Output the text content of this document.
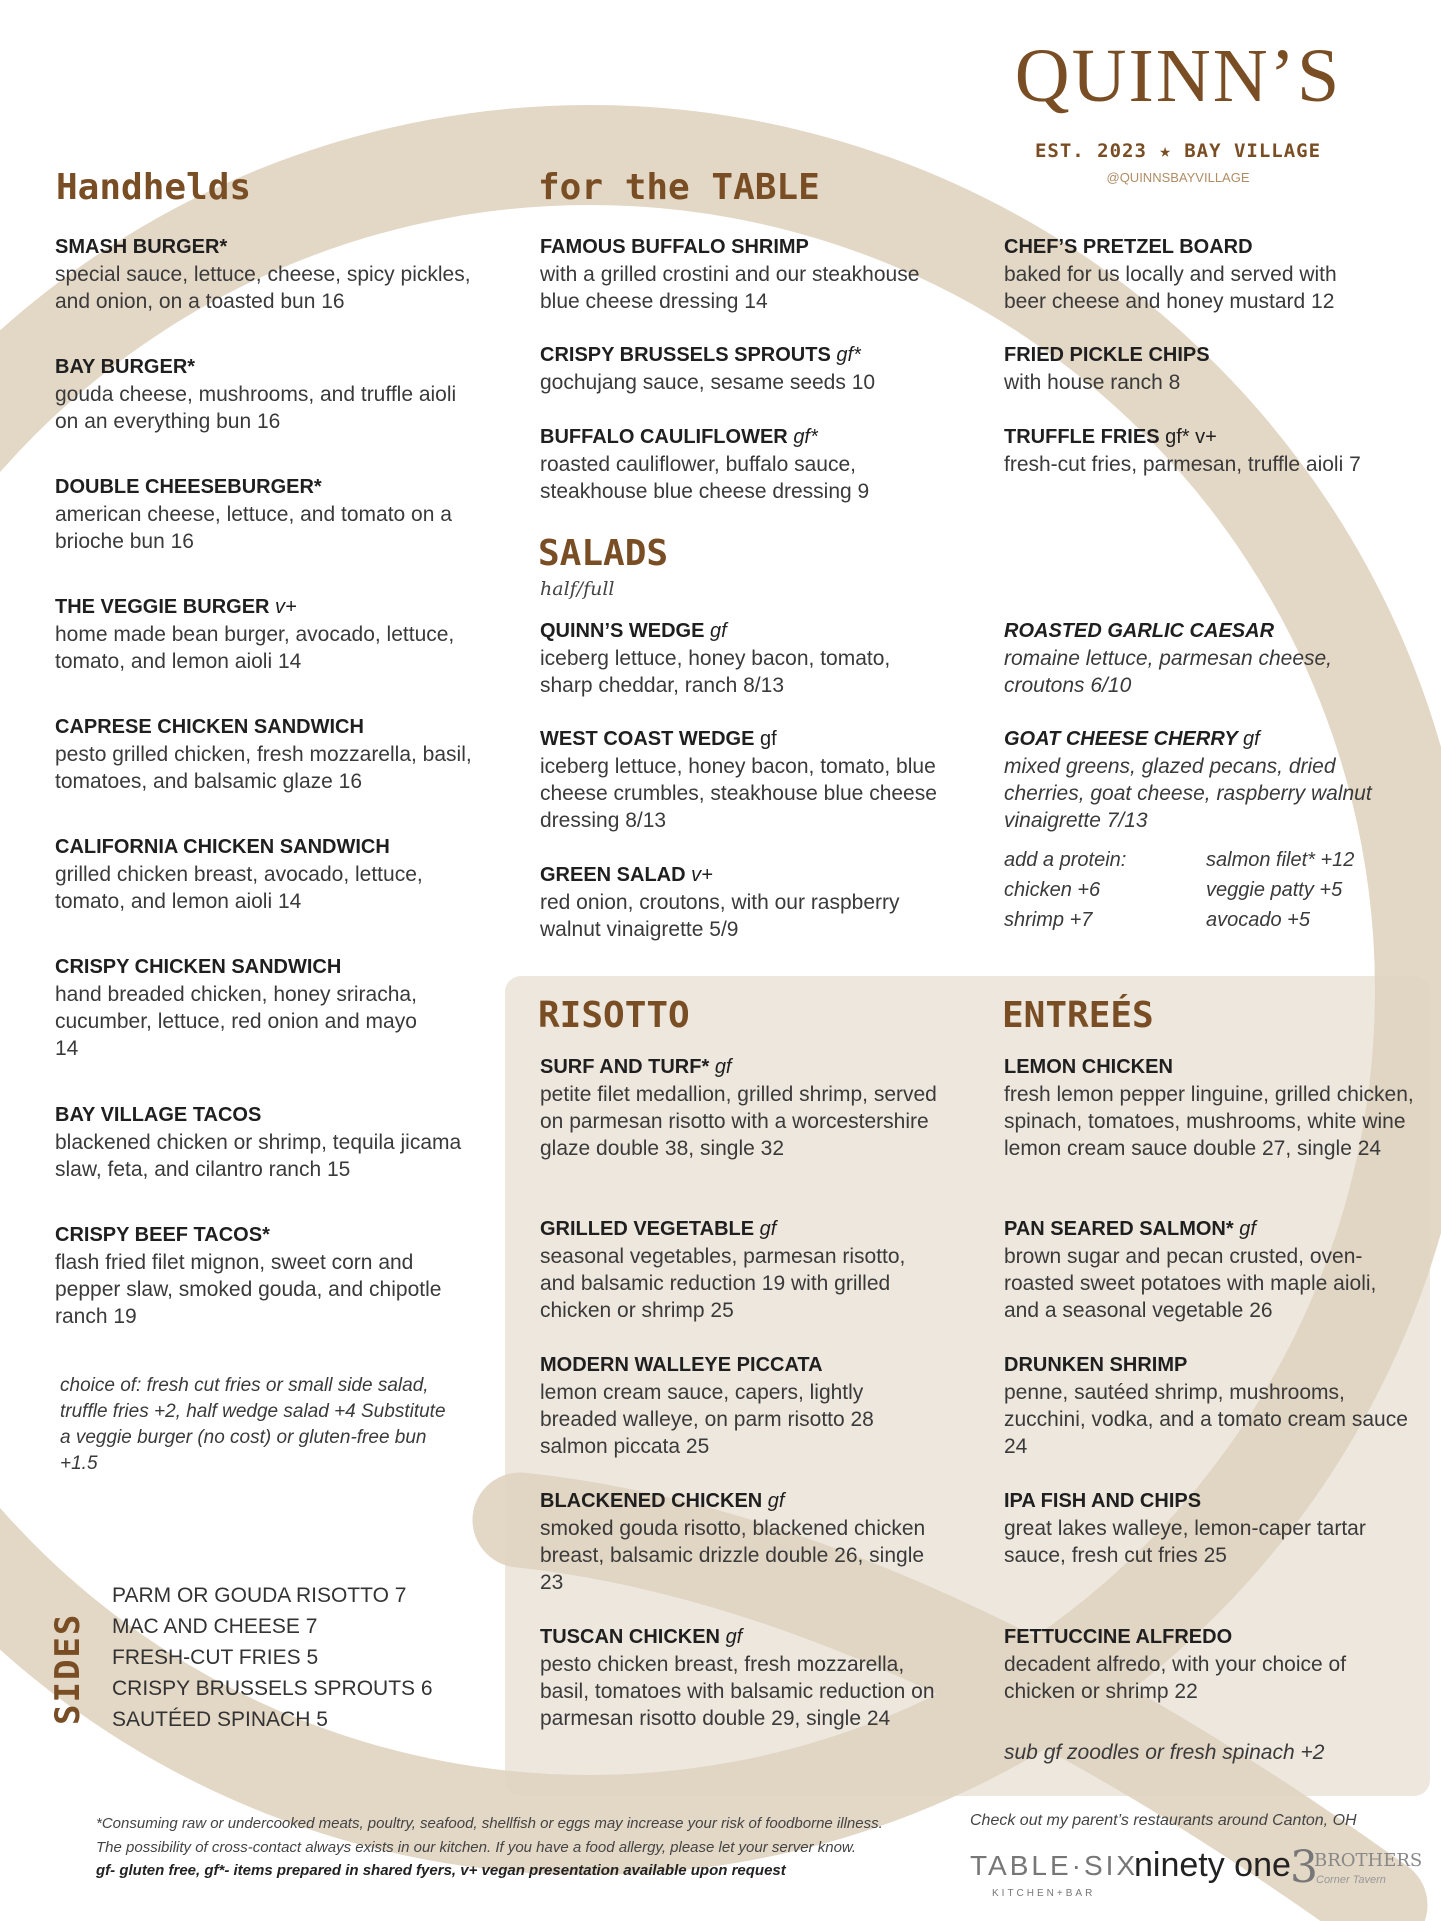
QUINN’S
EST. 2023 ★ BAY VILLAGE
@QUINNSBAYVILLAGE
Handhelds	for the TABLE
SALADS
half/full
RISOTTO	ENTREÉS
SMASH BURGER*
special sauce, lettuce, cheese, spicy pickles, and onion, on a toasted bun 16
BAY BURGER*
gouda cheese, mushrooms, and truffle aioli on an everything bun 16
DOUBLE CHEESEBURGER*
american cheese, lettuce, and tomato on a brioche bun 16
THE VEGGIE BURGER v+
home made bean burger, avocado, lettuce, tomato, and lemon aioli 14
CAPRESE CHICKEN SANDWICH
pesto grilled chicken, fresh mozzarella, basil, tomatoes, and balsamic glaze 16
CALIFORNIA CHICKEN SANDWICH
grilled chicken breast, avocado, lettuce, tomato, and lemon aioli 14
CRISPY CHICKEN SANDWICH
hand breaded chicken, honey sriracha, cucumber, lettuce, red onion and mayo 14
BAY VILLAGE TACOS
blackened chicken or shrimp, tequila jicama slaw, feta, and cilantro ranch 15
CRISPY BEEF TACOS*
flash fried filet mignon, sweet corn and pepper slaw, smoked gouda, and chipotle ranch 19
choice of: fresh cut fries or small side salad, truffle fries +2, half wedge salad +4 Substitute a veggie burger (no cost) or gluten-free bun +1.5
SIDES
PARM OR GOUDA RISOTTO 7
MAC AND CHEESE 7
FRESH-CUT FRIES 5
CRISPY BRUSSELS SPROUTS 6
SAUTÉED SPINACH 5
FAMOUS BUFFALO SHRIMP
with a grilled crostini and our steakhouse blue cheese dressing 14
CRISPY BRUSSELS SPROUTS gf*
gochujang sauce, sesame seeds 10
BUFFALO CAULIFLOWER gf*
roasted cauliflower, buffalo sauce, steakhouse blue cheese dressing 9
CHEF’S PRETZEL BOARD
baked for us locally and served with beer cheese and honey mustard 12
FRIED PICKLE CHIPS
with house ranch 8
TRUFFLE FRIES gf* v+
fresh-cut fries, parmesan, truffle aioli 7
QUINN’S WEDGE gf
iceberg lettuce, honey bacon, tomato, sharp cheddar, ranch 8/13
WEST COAST WEDGE gf
iceberg lettuce, honey bacon, tomato, blue cheese crumbles, steakhouse blue cheese dressing 8/13
GREEN SALAD v+
red onion, croutons, with our raspberry walnut vinaigrette 5/9
ROASTED GARLIC CAESAR
romaine lettuce, parmesan cheese, croutons 6/10
GOAT CHEESE CHERRY gf
mixed greens, glazed pecans, dried cherries, goat cheese, raspberry walnut vinaigrette 7/13
add a protein:	salmon filet* +12
chicken +6	veggie patty +5
shrimp +7	avocado +5
SURF AND TURF* gf
petite filet medallion, grilled shrimp, served on parmesan risotto with a worcestershire glaze double 38, single 32
GRILLED VEGETABLE gf
seasonal vegetables, parmesan risotto, and balsamic reduction 19 with grilled chicken or shrimp 25
MODERN WALLEYE PICCATA
lemon cream sauce, capers, lightly breaded walleye, on parm risotto 28 salmon piccata 25
BLACKENED CHICKEN gf
smoked gouda risotto, blackened chicken breast, balsamic drizzle double 26, single 23
TUSCAN CHICKEN gf
pesto chicken breast, fresh mozzarella, basil, tomatoes with balsamic reduction on parmesan risotto double 29, single 24
LEMON CHICKEN
fresh lemon pepper linguine, grilled chicken, spinach, tomatoes, mushrooms, white wine lemon cream sauce double 27, single 24
PAN SEARED SALMON* gf
brown sugar and pecan crusted, oven-roasted sweet potatoes with maple aioli, and a seasonal vegetable 26
DRUNKEN SHRIMP
penne, sautéed shrimp, mushrooms, zucchini, vodka, and a tomato cream sauce 24
IPA FISH AND CHIPS
great lakes walleye, lemon-caper tartar sauce, fresh cut fries 25
FETTUCCINE ALFREDO
decadent alfredo, with your choice of chicken or shrimp 22
sub gf zoodles or fresh spinach +2
*Consuming raw or undercooked meats, poultry, seafood, shellfish or eggs may increase your risk of foodborne illness.
The possibility of cross-contact always exists in our kitchen. If you have a food allergy, please let your server know.
gf- gluten free, gf*- items prepared in shared fyers, v+ vegan presentation available upon request
Check out my parent’s restaurants around Canton, OH
TABLE·SIX
KITCHEN+BAR
ninety one 3
BROTHERS
Corner Tavern
